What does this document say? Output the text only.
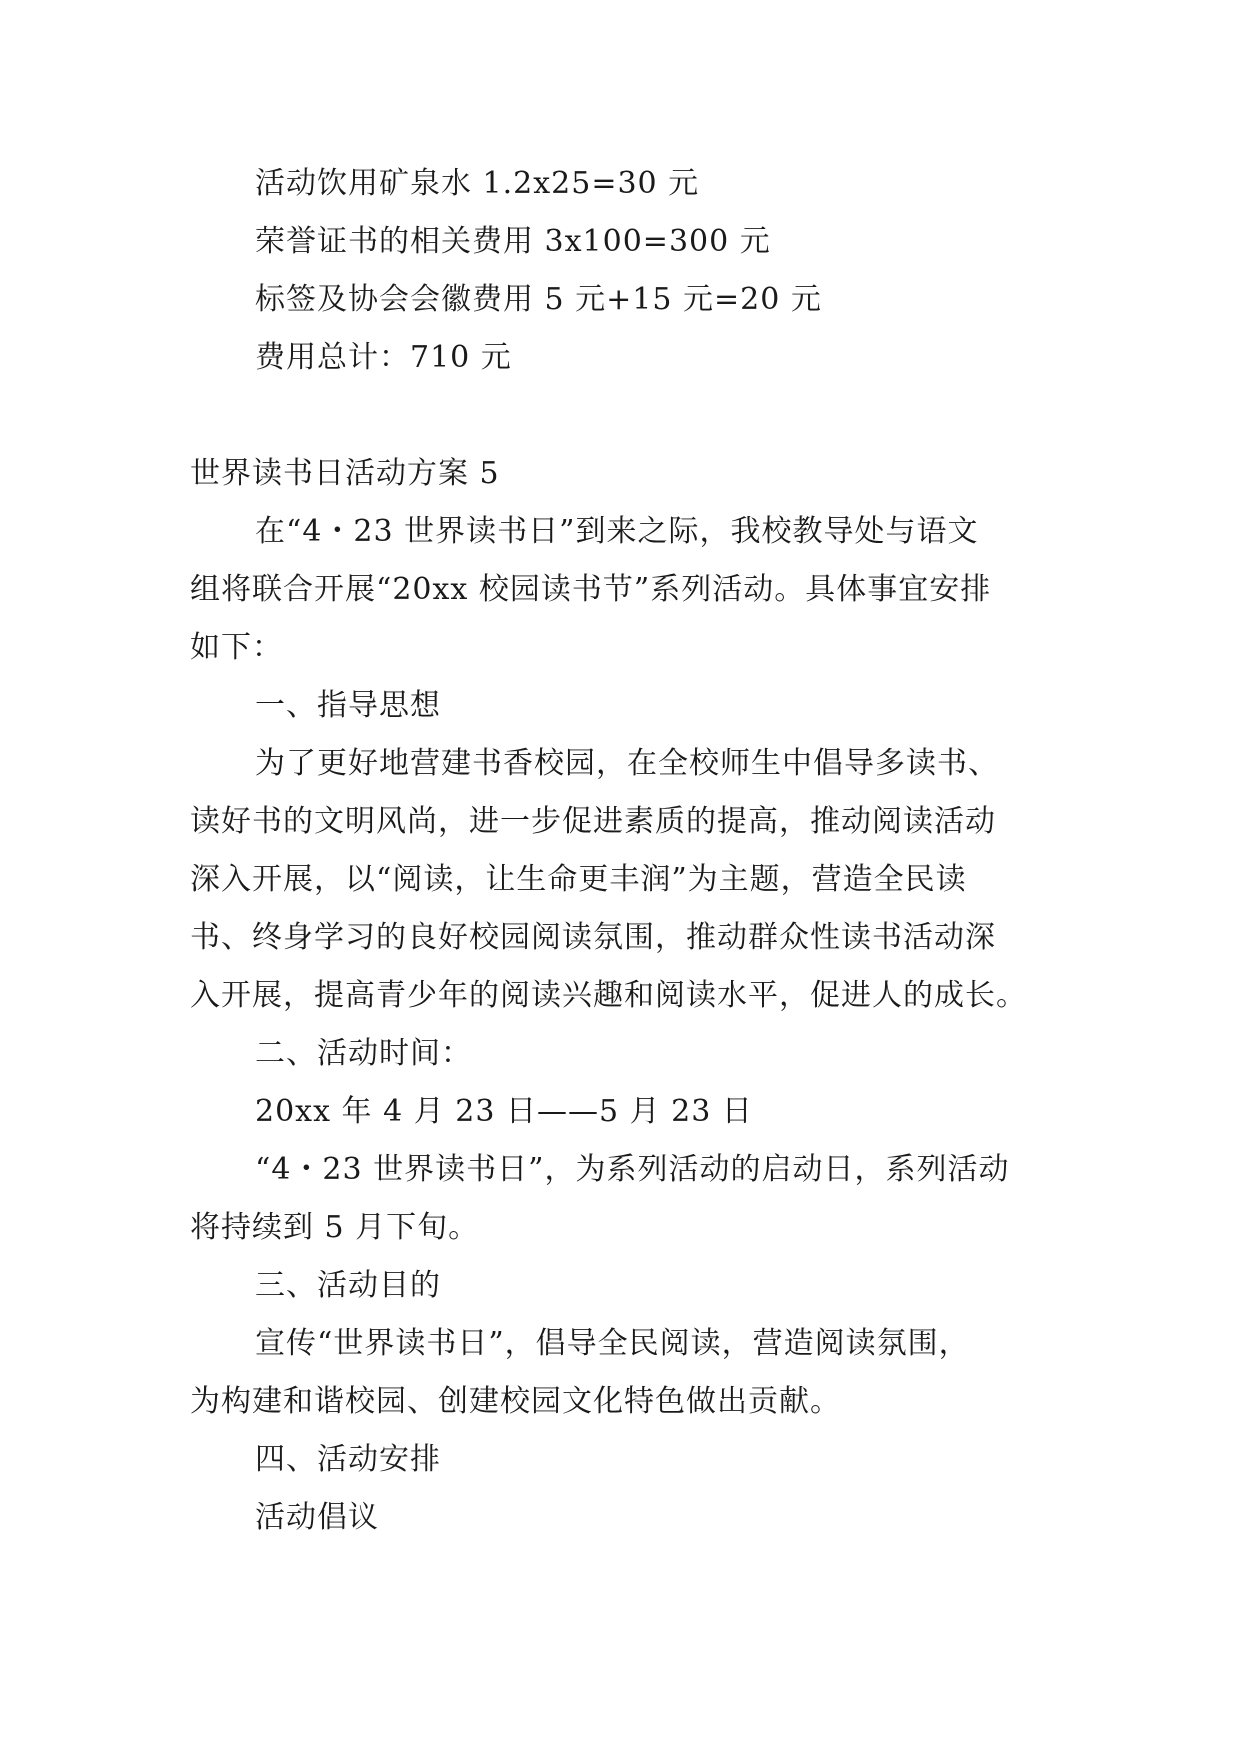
活动饮用矿泉水 1.2x25=30 元
荣誉证书的相关费用 3x100=300 元
标签及协会会徽费用 5 元+15 元=20 元
费用总计：710 元
世界读书日活动方案 5
在“4・23 世界读书日”到来之际，我校教导处与语文
组将联合开展“20xx 校园读书节”系列活动。具体事宜安排
如下：
一、指导思想
为了更好地营建书香校园，在全校师生中倡导多读书、
读好书的文明风尚，进一步促进素质的提高，推动阅读活动
深入开展，以“阅读，让生命更丰润”为主题，营造全民读
书、终身学习的良好校园阅读氛围，推动群众性读书活动深
入开展，提高青少年的阅读兴趣和阅读水平，促进人的成长。
二、活动时间：
20xx 年 4 月 23 日——5 月 23 日
“4・23 世界读书日”，为系列活动的启动日，系列活动
将持续到 5 月下旬。
三、活动目的
宣传“世界读书日”，倡导全民阅读，营造阅读氛围，
为构建和谐校园、创建校园文化特色做出贡献。
四、活动安排
活动倡议
